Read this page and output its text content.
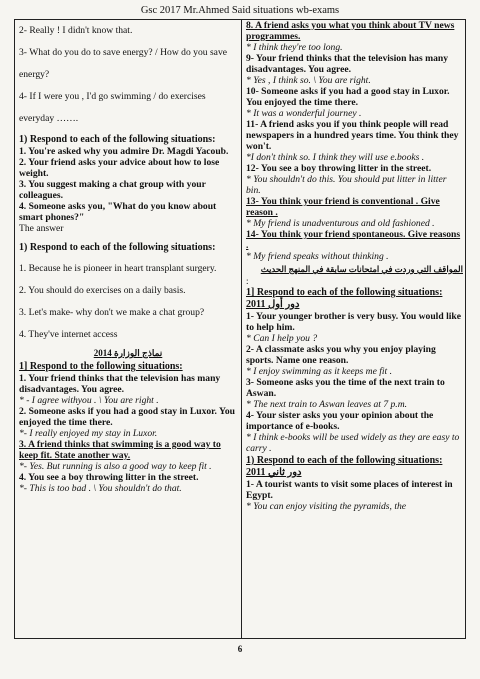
Gsc 2017 Mr.Ahmed Said situations wb-exams

2- Really ! I didn't know that.

3- What do you do to save energy? / How do you save energy?

4- If I were you , I'd go swimming / do exercises everyday …….

1) Respond to each of the following situations:

1. You're asked why you admire Dr. Magdi Yacoub.

2. Your friend asks your advice about how to lose weight.

3. You suggest making a chat group with your colleagues.

4. Someone asks you, "What do you know about smart phones?"

The answer

1) Respond to each of the following situations:

1. Because he is pioneer in heart transplant surgery.

2. You should do exercises on a daily basis.

3. Let's make- why don't we make a chat group?

4. They've internet access

نماذج الوزارة 2014
1] Respond to the following situations:

1. Your friend thinks that the television has many disadvantages. You agree.

* - I agree withyou . \ You are right .

2. Someone asks if you had a good stay in Luxor. You enjoyed the time there.

*- I really enjoyed my stay in Luxor.

3. A friend thinks that swimming is a good way to keep fit. State another way.

*- Yes. But running is also a good way to keep fit .

4. You see a boy throwing litter in the street.

*- This is too bad . \ You shouldn't do that.

8. A friend asks you what you think about TV news programmes.

* I think they're too long.

9- Your friend thinks that the television has many disadvantages. You agree.

* Yes , I think so. \ You are right.

10- Someone asks if you had a good stay in Luxor. You enjoyed the time there.

* It was a wonderful journey .

11- A friend asks you if you think people will read newspapers in a hundred years time. You think they won't.

*I don't think so. I think they will use e.books .

12- You see a boy throwing litter in the street.

* You shouldn't do this. You should put litter in litter bin.

13- You think your friend is conventional . Give reason .

* My friend is unadventurous and old fashioned .

14- You think your friend spontaneous. Give reasons .

* My friend speaks without thinking .

المواقف التي وردت في امتحانات سابقة في المنهج الحديث

:

1] Respond to each of the following situations: 2011 دور أول

1- Your younger brother is very busy. You would like to help him.

* Can I help you ?

2- A classmate asks you why you enjoy playing sports. Name one reason.

* I enjoy swimming as it keeps me fit .

3- Someone asks you the time of the next train to Aswan.

* The next train to Aswan leaves at 7 p.m.

4- Your sister asks you your opinion about the importance of e-books.

* I think e-books will be used widely as they are easy to carry .

1) Respond to each of the following situations: 2011 دور ثاني

1- A tourist wants to visit some places of interest in Egypt.

* You can enjoy visiting the pyramids, the

6
